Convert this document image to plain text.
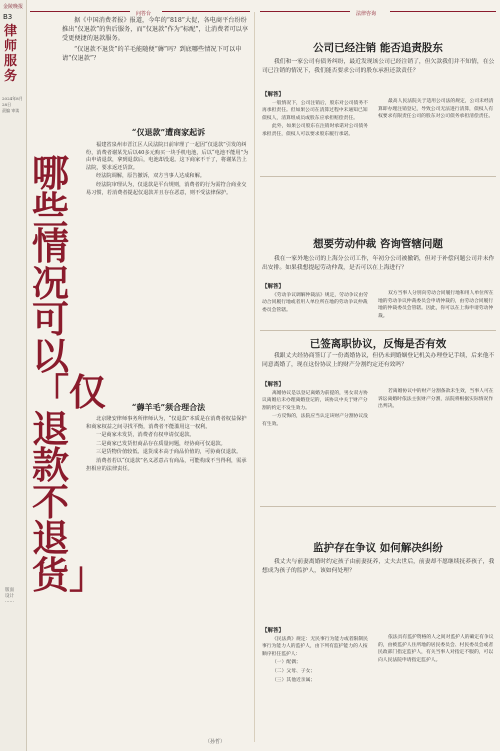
金陵晚报
B3
律师服务
2024年8月28日
责编 审读
版面设计 ……
问答台	法律咨询

据《中国消费者报》报道，今年的“818”大促，各电商平台纷纷推出“仅退款”的售后服务，而“仅退款”作为“标配”，让消费者可以享受更便捷的退款服务。

“仅退款不退货”的羊毛能随便“薅”吗？到底哪些情况下可以申请“仅退款”？

哪些情况可以「仅退款不退货」
“仅退款”遭商家起诉

福建省泉州市晋江区人民法院日前审理了一起因“仅退款”引发的纠纷，消费者谢某先后以40多元购买一块手机电池，后以“电池不能用”为由申请退款，拿到退款后，电池却没退。这下商家不干了，将谢某告上法院，要求返还货款。

经法院调解，原告撤诉，双方当事人达成和解。

经法院审理认为，仅退款是平台规则，消费者的行为需符合商业交易习惯，若消费者提起仅退款并且存在恶意，则不受法律保护。

“薅羊毛”须合理合法

北京隆安律师事务所律师认为，“仅退款”本质是在消费者权益保护和商家权益之间寻找平衡，消费者不能滥用这一权利。

一是商家未发货，消费者有权申请仅退款。

二是商家已发货但商品存在质量问题，经协商可仅退款。

三是货物价值较低、退货成本高于商品价值的，可协商仅退款。

消费者若以“仅退款”名义恶意占有商品，可能构成不当得利，需承担相应的法律责任。

公司已经注销 能否追责股东
我们和一家公司有债务纠纷，最近发现该公司已经注销了，但欠款我们并不知情，在公司已注销的情况下，我们能否要求公司的股东承担还款责任？
【解答】

一般情况下，公司注销后，股东对公司债务不再承担责任。但如果公司在清算过程中未通知已知债权人，清算组成员或股东应承担赔偿责任。

此外，如果公司股东在注销时承诺对公司债务承担责任，债权人可以要求股东履行承诺。

最高人民法院关于适用公司法的规定，公司未经清算即办理注销登记，导致公司无法进行清算，债权人有权要求有限责任公司的股东对公司债务承担清偿责任。

想要劳动仲裁 咨询管辖问题
我在一家外地公司的上海分公司工作，年初分公司被撤销，但对于补偿问题公司并未作出安排。如果我想提起劳动仲裁，是否可以在上海进行？
【解答】

《劳动争议调解仲裁法》规定，劳动争议由劳动合同履行地或者用人单位所在地的劳动争议仲裁委员会管辖。

双方当事人分别向劳动合同履行地和用人单位所在地的劳动争议仲裁委员会申请仲裁的，由劳动合同履行地的仲裁委员会管辖。因此，你可以在上海申请劳动仲裁。

已签离职协议，反悔是否有效
我跟丈夫经协商签订了一份离婚协议，但仍未到婚姻登记机关办理登记手续，后来他不同意离婚了，现在这份协议上的财产分割约定还有效吗？
【解答】

离婚协议是以登记离婚为前提的，男女双方协议离婚后未办理离婚登记的，该协议中关于财产分割的约定不发生效力。

一方反悔的，法院应当认定该财产分割协议没有生效。

若离婚协议中的财产分割条款未生效，当事人可在诉讼离婚时依法主张财产分割，法院将根据实际情况作出判决。

监护存在争议 如何解决纠纷
我丈夫与前妻离婚时约定孩子由前妻抚养，丈夫去世后，前妻却不愿继续抚养孩子，我想成为孩子的监护人，该如何处理？
【解答】

《民法典》规定：无民事行为能力或者限制民事行为能力人的监护人，由下列有监护能力的人按顺序担任监护人：

（一）配偶；

（二）父母、子女；

（三）其他近亲属；

依法具有监护资格的人之间对监护人的确定有争议的，由被监护人住所地的居民委员会、村民委员会或者民政部门指定监护人，有关当事人对指定不服的，可以向人民法院申请指定监护人。

（孙哲）
